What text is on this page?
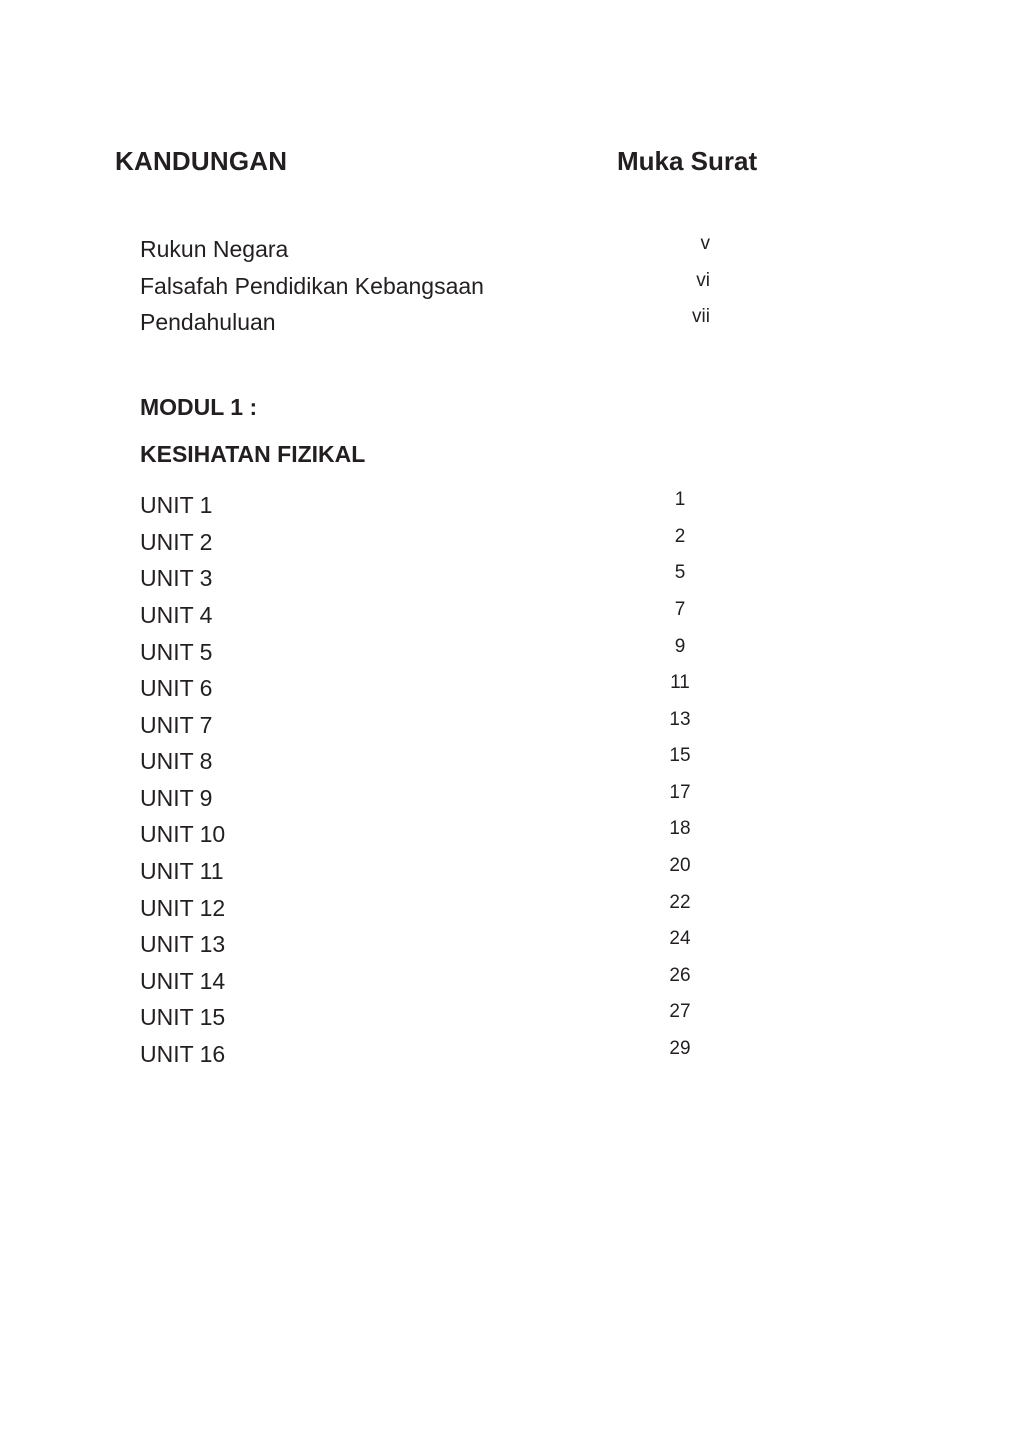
KANDUNGAN	Muka Surat
Rukun Negara	v
Falsafah Pendidikan Kebangsaan	vi
Pendahuluan	vii
MODUL 1 :
KESIHATAN FIZIKAL
UNIT 1	1
UNIT 2	2
UNIT 3	5
UNIT 4	7
UNIT 5	9
UNIT 6	11
UNIT 7	13
UNIT 8	15
UNIT 9	17
UNIT 10	18
UNIT 11	20
UNIT 12	22
UNIT 13	24
UNIT 14	26
UNIT 15	27
UNIT 16	29
